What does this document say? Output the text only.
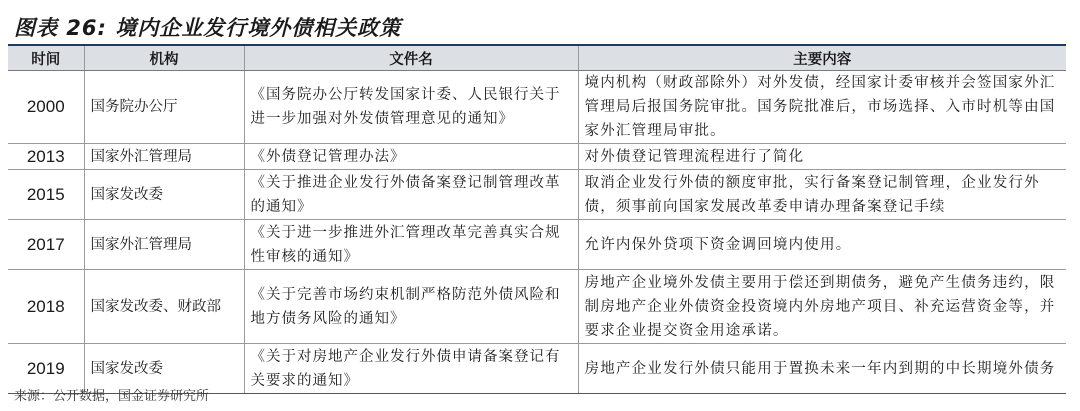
图表 26: 境内企业发行境外债相关政策
时间	机构	文件名	主要内容
2000	国务院办公厅	《国务院办公厅转发国家计委、人民银行关于进一步加强对外发债管理意见的通知》	境内机构（财政部除外）对外发债，经国家计委审核并会签国家外汇管理局后报国务院审批。国务院批准后，市场选择、入市时机等由国家外汇管理局审批。
2013	国家外汇管理局	《外债登记管理办法》	对外债登记管理流程进行了简化
2015	国家发改委	《关于推进企业发行外债备案登记制管理改革的通知》	取消企业发行外债的额度审批，实行备案登记制管理，企业发行外债，须事前向国家发展改革委申请办理备案登记手续
2017	国家外汇管理局	《关于进一步推进外汇管理改革完善真实合规性审核的通知》	允许内保外贷项下资金调回境内使用。
2018	国家发改委、财政部	《关于完善市场约束机制严格防范外债风险和地方债务风险的通知》	房地产企业境外发债主要用于偿还到期债务，避免产生债务违约，限制房地产企业外债资金投资境内外房地产项目、补充运营资金等，并要求企业提交资金用途承诺。
2019	国家发改委	《关于对房地产企业发行外债申请备案登记有关要求的通知》	房地产企业发行外债只能用于置换未来一年内到期的中长期境外债务
来源：公开数据，国金证券研究所
